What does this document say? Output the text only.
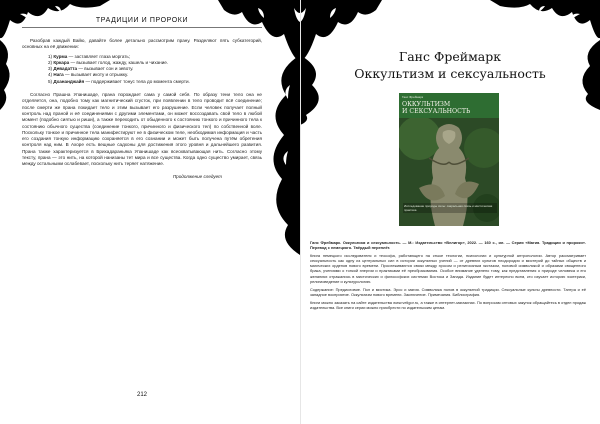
ТРАДИЦИИ И ПРОРОКИ

Разобрав каждый Вайю, давайте более детально рассмотрим прану. Разделяют пять субкатегорий, основных на её движении:

1) Курма — заставляет глаза моргать;
2) Кркара — вызывает голод, жажду, кашель и чихание.
3) Девадатта — вызывает сон и зевоту.
4) Нага — вызывает икоту и отрыжку.
5) Дхананджайя — поддерживает тонус тела до момента смерти.

Согласно Прашна Упанишаде, прана порождает сама у самой себя. По образу тени тело она не отделяется, она, подобно тому как магнитический сгусток, при появлении в тело проводит всё соединение; после смерти же прана покидает тело и этим вызывает его разрушение. Если человек получает полный контроль над праной и её соединениями с другими элементами, он может воссоздавать свой тело в любой момент (подобно сиятью и риши), а также переходить от обыденного к состоянию тонкого и причинного тела к состоянию обычного существа (соединение тонкого, причинного и физического тел) по собственной воле. Поскольку тонкое и причинное тела манифестируют не в физическом теле, необходимая информация и часть его создания тонкую информацию сохраняется в его сознании и может быть получена путём обретения контроля над ним. В Ахоре есть вещные садхоны для достижения этого уровня и дальнейшего развития. Прана также характеризуется в Брихадараньяка Упанишаде как всеохватывающая нить. Согласно этому тексту, прана — это нить, на которой нанизаны тет мира и все существа. Когда одно существо умирает, связь между остальными ослабевает, поскольку нить теряет натяжение.

Продолжение следует
212
Ганс Фреймарк
Оккультизм и сексуальность
Ганс Фреймарк
ОККУЛЬТИЗМ
И СЕКСУАЛЬНОСТЬ
Исследование природы силы: сакральная связь и мистическая практика

Ганс Фреймарк. Оккультизм и сексуальность. — М.: Издательство «Велигор», 2022. — 160 с., ил. — Серия «Магия. Традиции и пророки». Перевод с немецкого. Твёрдый переплёт.

Книга немецкого исследователя и теософа, работающего на стыке теологии, психологии и культурной антропологии. Автор рассматривает сексуальность как одну из центральных сил в истории оккультных учений — от древних культов плодородия и мистерий до тайных обществ и магических орденов нового времени. Прослеживаются связи между эросом и религиозным экстазом, половой символикой и образами священного брака, учениями о тонкой энергии и практиками её преобразования. Особое внимание уделено тому, как представления о природе человека и его желаниях отражались в мистических и философских системах Востока и Запада. Издание будет интересно всем, кто изучает историю эзотерики, религиоведение и культурологию.

Содержание: Предисловие. Пол и мистика. Эрос и магия. Символика полов в оккультной традиции. Сексуальные культы древности. Тантра и её западное восприятие. Оккультизм нового времени. Заключение. Примечания. Библиография.

Книги можно заказать на сайте издательства www.veligor.ru, а также в интернет-магазинах. По вопросам оптовых закупок обращайтесь в отдел продаж издательства. Все книги серии можно приобрести по издательским ценам.
